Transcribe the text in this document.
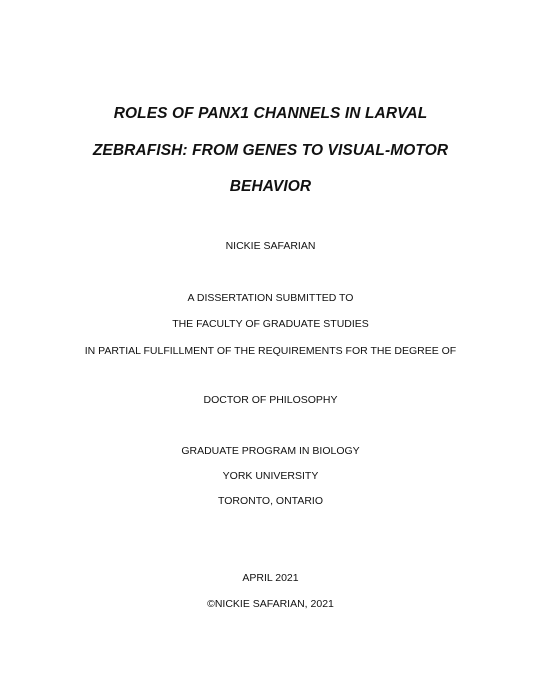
ROLES OF PANX1 CHANNELS IN LARVAL
ZEBRAFISH: FROM GENES TO VISUAL-MOTOR
BEHAVIOR
NICKIE SAFARIAN
A DISSERTATION SUBMITTED TO
THE FACULTY OF GRADUATE STUDIES
IN PARTIAL FULFILLMENT OF THE REQUIREMENTS FOR THE DEGREE OF
DOCTOR OF PHILOSOPHY
GRADUATE PROGRAM IN BIOLOGY
YORK UNIVERSITY
TORONTO, ONTARIO
APRIL 2021
©NICKIE SAFARIAN, 2021
